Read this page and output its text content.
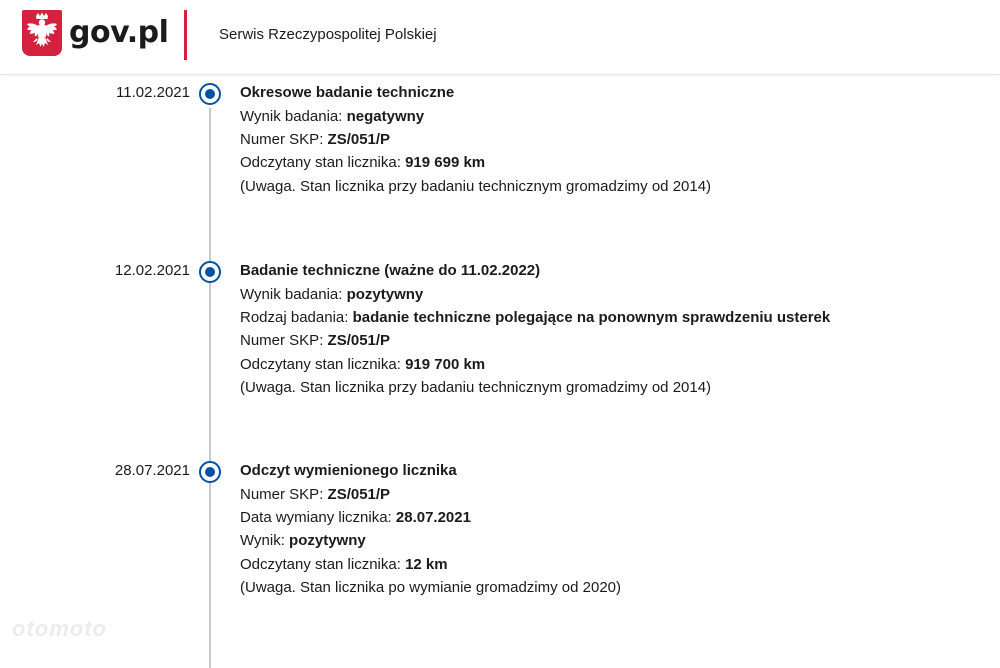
gov.pl	Serwis Rzeczypospolitej Polskiej
11.02.2021	Okresowe badanie techniczne
Wynik badania: negatywny
Numer SKP: ZS/051/P
Odczytany stan licznika: 919 699 km
(Uwaga. Stan licznika przy badaniu technicznym gromadzimy od 2014)
12.02.2021	Badanie techniczne (ważne do 11.02.2022)
Wynik badania: pozytywny
Rodzaj badania: badanie techniczne polegające na ponownym sprawdzeniu usterek
Numer SKP: ZS/051/P
Odczytany stan licznika: 919 700 km
(Uwaga. Stan licznika przy badaniu technicznym gromadzimy od 2014)
28.07.2021	Odczyt wymienionego licznika
Numer SKP: ZS/051/P
Data wymiany licznika: 28.07.2021
Wynik: pozytywny
Odczytany stan licznika: 12 km
(Uwaga. Stan licznika po wymianie gromadzimy od 2020)
otomoto
